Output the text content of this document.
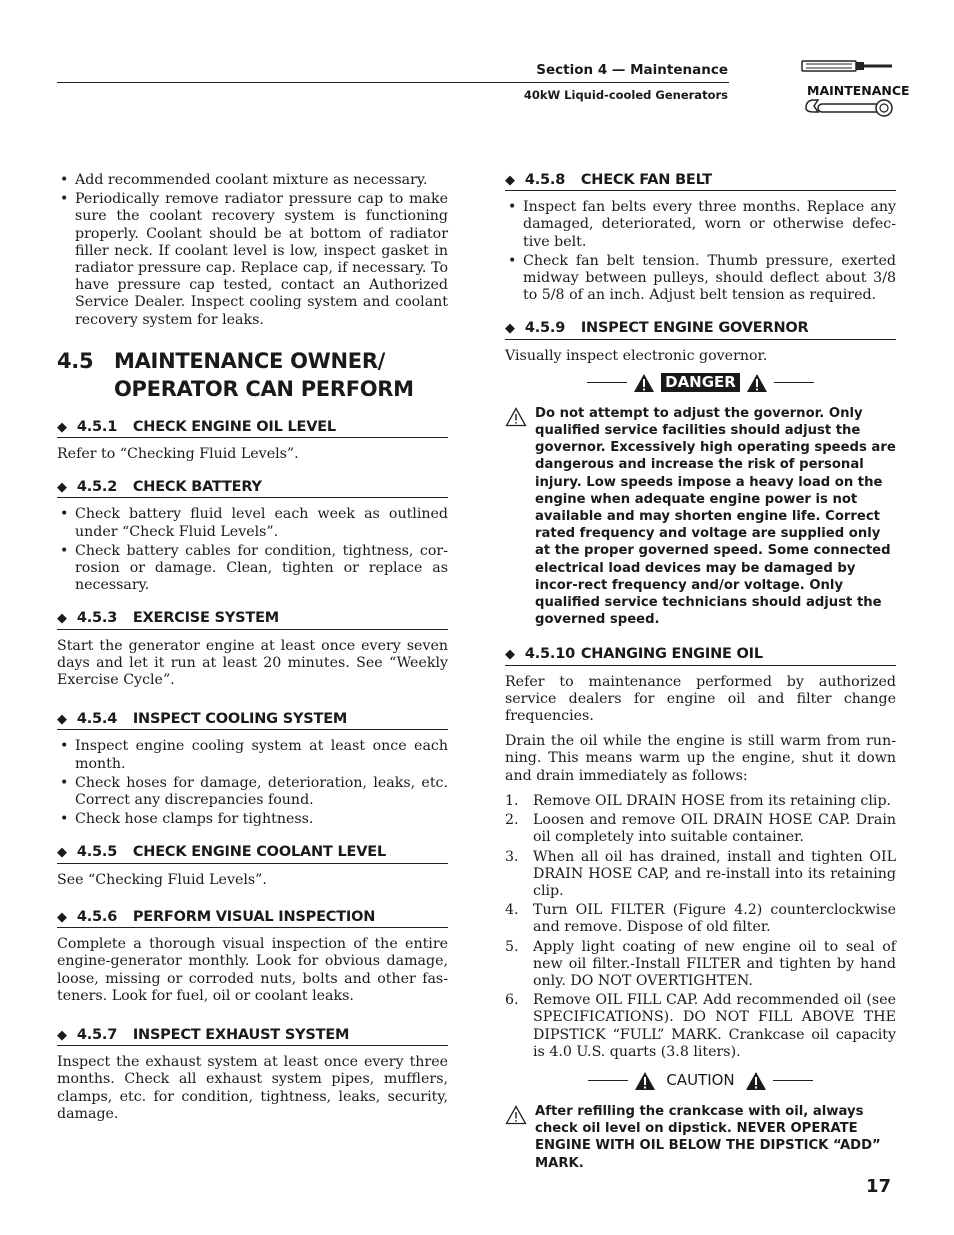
Section 4 — Maintenance
40kW Liquid-cooled Generators	MAINTENANCE
• Add recommended coolant mixture as necessary.
• Periodically remove radiator pressure cap to make sure the coolant recovery system is functioning properly. Coolant should be at bottom of radiator filler neck. If coolant level is low, inspect gasket in radiator pressure cap. Replace cap, if necessary. To have pressure cap tested, contact an Authorized Service Dealer. Inspect cooling system and coolant recovery system for leaks.
4.5 MAINTENANCE OWNER/
OPERATOR CAN PERFORM
◆ 4.5.1	CHECK ENGINE OIL LEVEL

Refer to “Checking Fluid Levels”.

◆ 4.5.2	CHECK BATTERY
• Check battery fluid level each week as outlined under “Check Fluid Levels”.
• Check battery cables for condition, tightness, cor-rosion or damage. Clean, tighten or replace as necessary.
◆ 4.5.3	EXERCISE SYSTEM

Start the generator engine at least once every seven days and let it run at least 20 minutes. See “Weekly Exercise Cycle”.

◆ 4.5.4	INSPECT COOLING SYSTEM
• Inspect engine cooling system at least once each month.
• Check hoses for damage, deterioration, leaks, etc. Correct any discrepancies found.
• Check hose clamps for tightness.
◆ 4.5.5	CHECK ENGINE COOLANT LEVEL

See “Checking Fluid Levels”.

◆ 4.5.6	PERFORM VISUAL INSPECTION

Complete a thorough visual inspection of the entire engine-generator monthly. Look for obvious damage, loose, missing or corroded nuts, bolts and other fas-teners. Look for fuel, oil or coolant leaks.

◆ 4.5.7	INSPECT EXHAUST SYSTEM

Inspect the exhaust system at least once every three months. Check all exhaust system pipes, mufflers, clamps, etc. for condition, tightness, leaks, security, damage.

◆ 4.5.8	CHECK FAN BELT
• Inspect fan belts every three months. Replace any damaged, deteriorated, worn or otherwise defec-tive belt.
• Check fan belt tension. Thumb pressure, exerted midway between pulleys, should deflect about 3/8 to 5/8 of an inch. Adjust belt tension as required.
◆ 4.5.9	INSPECT ENGINE GOVERNOR

Visually inspect electronic governor.

DANGER
Do not attempt to adjust the governor. Only qualified service facilities should adjust the governor. Excessively high operating speeds are dangerous and increase the risk of personal injury. Low speeds impose a heavy load on the engine when adequate engine power is not available and may shorten engine life. Correct rated frequency and voltage are supplied only at the proper governed speed. Some connected electrical load devices may be damaged by incor-rect frequency and/or voltage. Only qualified service technicians should adjust the governed speed.
◆ 4.5.10 CHANGING ENGINE OIL

Refer to maintenance performed by authorized service dealers for engine oil and filter change frequencies.

Drain the oil while the engine is still warm from run-ning. This means warm up the engine, shut it down and drain immediately as follows:

1. Remove OIL DRAIN HOSE from its retaining clip.
2. Loosen and remove OIL DRAIN HOSE CAP. Drain oil completely into suitable container.
3. When all oil has drained, install and tighten OIL DRAIN HOSE CAP, and re-install into its retaining clip.
4. Turn OIL FILTER (Figure 4.2) counterclockwise and remove. Dispose of old filter.
5. Apply light coating of new engine oil to seal of new oil filter.-Install FILTER and tighten by hand only. DO NOT OVERTIGHTEN.
6. Remove OIL FILL CAP. Add recommended oil (see SPECIFICATIONS). DO NOT FILL ABOVE THE DIPSTICK “FULL” MARK. Crankcase oil capacity is 4.0 U.S. quarts (3.8 liters).
CAUTION
After refilling the crankcase with oil, always check oil level on dipstick. NEVER OPERATE ENGINE WITH OIL BELOW THE DIPSTICK “ADD” MARK.
17
